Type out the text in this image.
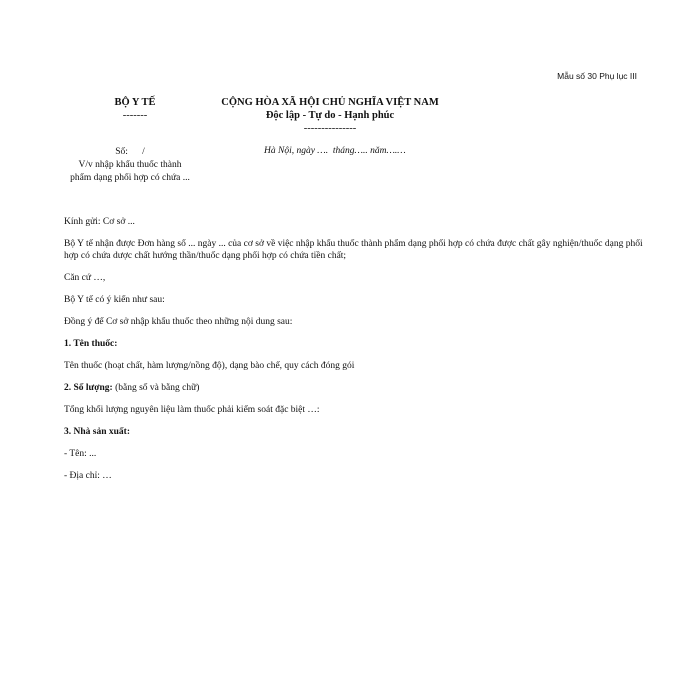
Mẫu số 30 Phụ lục III
BỘ Y TẾ
-------
CỘNG HÒA XÃ HỘI CHỦ NGHĨA VIỆT NAM
Độc lập - Tự do - Hạnh phúc
---------------
Số:      /
V/v nhập khẩu thuốc thành
phẩm dạng phối hợp có chứa ...
Hà Nội, ngày ….  tháng….. năm….…

Kính gửi: Cơ sở ...

Bộ Y tế nhận được Đơn hàng số ... ngày ... của cơ sở về việc nhập khẩu thuốc thành phẩm dạng phối hợp có chứa được chất gây nghiện/thuốc dạng phối hợp có chứa dược chất hướng thần/thuốc dạng phối hợp có chứa tiền chất;

Căn cứ …,

Bộ Y tế có ý kiến như sau:

Đồng ý để Cơ sở nhập khẩu thuốc theo những nội dung sau:

1. Tên thuốc:

Tên thuốc (hoạt chất, hàm lượng/nồng độ), dạng bào chế, quy cách đóng gói

2. Số lượng: (bằng số và bằng chữ)

Tổng khối lượng nguyên liệu làm thuốc phải kiểm soát đặc biệt …:

3. Nhà sản xuất:

- Tên: ...

- Địa chỉ: …
